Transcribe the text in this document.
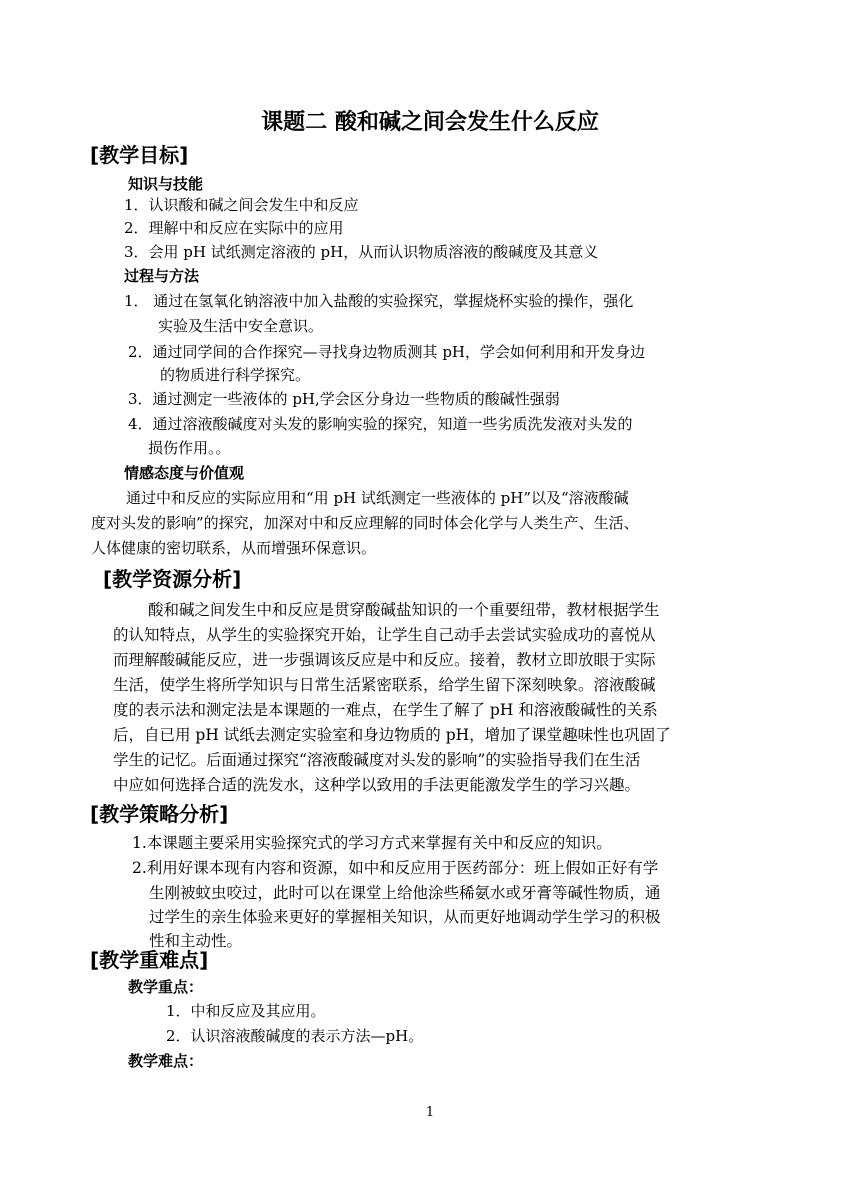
课题二 酸和碱之间会发生什么反应
[教学目标]
知识与技能
1．认识酸和碱之间会发生中和反应
2．理解中和反应在实际中的应用
3．会用 pH 试纸测定溶液的 pH，从而认识物质溶液的酸碱度及其意义
过程与方法
1． 通过在氢氧化钠溶液中加入盐酸的实验探究，掌握烧杯实验的操作，强化
实验及生活中安全意识。
2．通过同学间的合作探究—寻找身边物质测其 pH，学会如何利用和开发身边
的物质进行科学探究。
3．通过测定一些液体的 pH,学会区分身边一些物质的酸碱性强弱
4．通过溶液酸碱度对头发的影响实验的探究，知道一些劣质洗发液对头发的
损伤作用。。
情感态度与价值观
通过中和反应的实际应用和“用 pH 试纸测定一些液体的 pH”以及“溶液酸碱
度对头发的影响”的探究，加深对中和反应理解的同时体会化学与人类生产、生活、
人体健康的密切联系，从而增强环保意识。
[教学资源分析]
酸和碱之间发生中和反应是贯穿酸碱盐知识的一个重要纽带，教材根据学生
的认知特点，从学生的实验探究开始，让学生自己动手去尝试实验成功的喜悦从
而理解酸碱能反应，进一步强调该反应是中和反应。接着，教材立即放眼于实际
生活，使学生将所学知识与日常生活紧密联系，给学生留下深刻映象。溶液酸碱
度的表示法和测定法是本课题的一难点，在学生了解了 pH 和溶液酸碱性的关系
后，自已用 pH 试纸去测定实验室和身边物质的 pH，增加了课堂趣味性也巩固了
学生的记忆。后面通过探究“溶液酸碱度对头发的影响”的实验指导我们在生活
中应如何选择合适的洗发水，这种学以致用的手法更能激发学生的学习兴趣。
[教学策略分析]
1.本课题主要采用实验探究式的学习方式来掌握有关中和反应的知识。
2.利用好课本现有内容和资源，如中和反应用于医药部分：班上假如正好有学
生刚被蚊虫咬过，此时可以在课堂上给他涂些稀氨水或牙膏等碱性物质，通
过学生的亲生体验来更好的掌握相关知识，从而更好地调动学生学习的积极
性和主动性。
[教学重难点]
教学重点：
1．中和反应及其应用。
2．认识溶液酸碱度的表示方法—pH。
教学难点：
1
